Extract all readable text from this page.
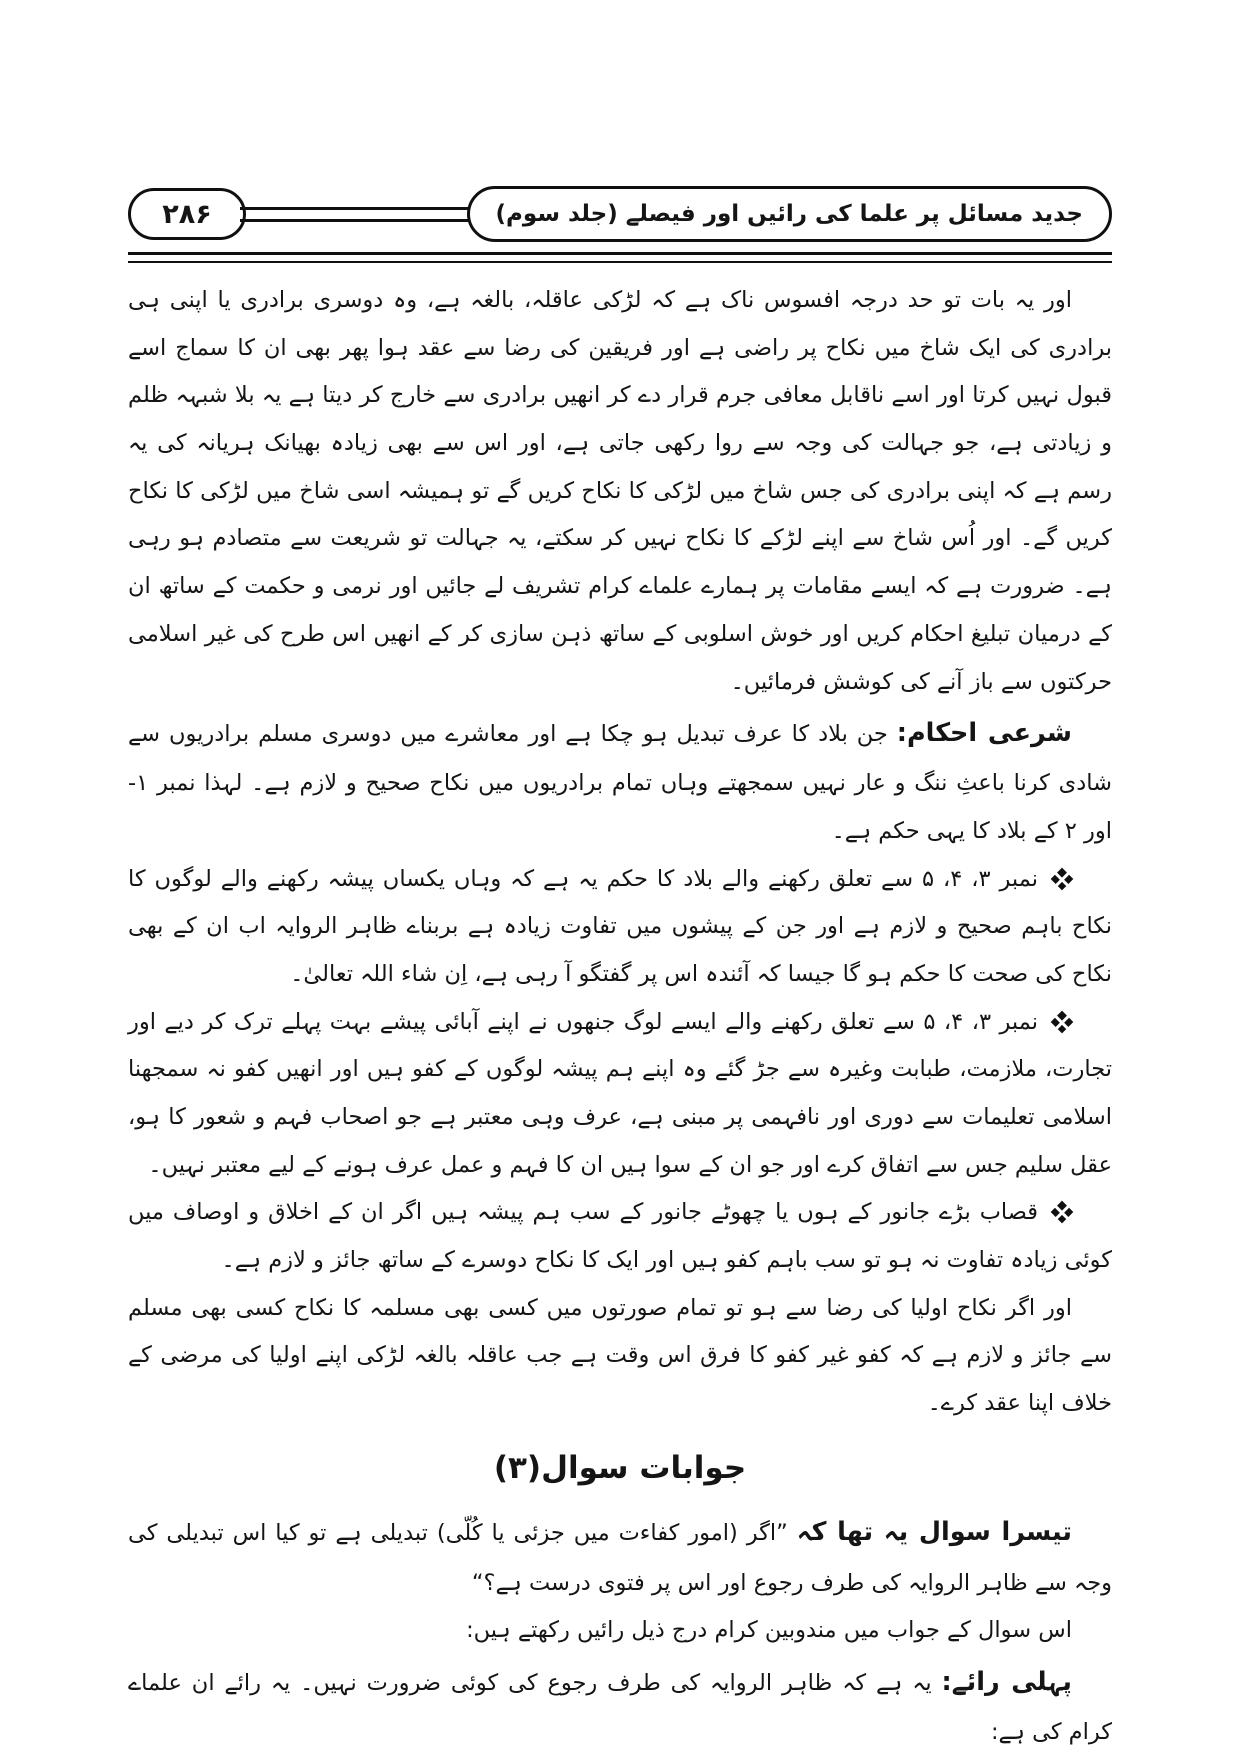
۲۸۶	جدید مسائل پر علما کی رائیں اور فیصلے (جلد سوم)

اور یہ بات تو حد درجہ افسوس ناک ہے کہ لڑکی عاقلہ، بالغہ ہے، وہ دوسری برادری یا اپنی ہی برادری کی ایک شاخ میں نکاح پر راضی ہے اور فریقین کی رضا سے عقد ہوا پھر بھی ان کا سماج اسے قبول نہیں کرتا اور اسے ناقابل معافی جرم قرار دے کر انھیں برادری سے خارج کر دیتا ہے یہ بلا شبہہ ظلم و زیادتی ہے، جو جہالت کی وجہ سے روا رکھی جاتی ہے، اور اس سے بھی زیادہ بھیانک ہریانہ کی یہ رسم ہے کہ اپنی برادری کی جس شاخ میں لڑکی کا نکاح کریں گے تو ہمیشہ اسی شاخ میں لڑکی کا نکاح کریں گے۔ اور اُس شاخ سے اپنے لڑکے کا نکاح نہیں کر سکتے، یہ جہالت تو شریعت سے متصادم ہو رہی ہے۔ ضرورت ہے کہ ایسے مقامات پر ہمارے علماے کرام تشریف لے جائیں اور نرمی و حکمت کے ساتھ ان کے درمیان تبلیغ احکام کریں اور خوش اسلوبی کے ساتھ ذہن سازی کر کے انھیں اس طرح کی غیر اسلامی حرکتوں سے باز آنے کی کوشش فرمائیں۔

شرعی احکام: جن بلاد کا عرف تبدیل ہو چکا ہے اور معاشرے میں دوسری مسلم برادریوں سے شادی کرنا باعثِ ننگ و عار نہیں سمجھتے وہاں تمام برادریوں میں نکاح صحیح و لازم ہے۔ لہذا نمبر ۱- اور ۲ کے بلاد کا یہی حکم ہے۔

نمبر ۳، ۴، ۵ سے تعلق رکھنے والے بلاد کا حکم یہ ہے کہ وہاں یکساں پیشہ رکھنے والے لوگوں کا نکاح باہم صحیح و لازم ہے اور جن کے پیشوں میں تفاوت زیادہ ہے بربناے ظاہر الروایہ اب ان کے بھی نکاح کی صحت کا حکم ہو گا جیسا کہ آئندہ اس پر گفتگو آ رہی ہے، اِن شاء اللہ تعالیٰ۔

نمبر ۳، ۴، ۵ سے تعلق رکھنے والے ایسے لوگ جنھوں نے اپنے آبائی پیشے بہت پہلے ترک کر دیے اور تجارت، ملازمت، طبابت وغیرہ سے جڑ گئے وہ اپنے ہم پیشہ لوگوں کے کفو ہیں اور انھیں کفو نہ سمجھنا اسلامی تعلیمات سے دوری اور نافہمی پر مبنی ہے، عرف وہی معتبر ہے جو اصحاب فہم و شعور کا ہو، عقل سلیم جس سے اتفاق کرے اور جو ان کے سوا ہیں ان کا فہم و عمل عرف ہونے کے لیے معتبر نہیں۔

قصاب بڑے جانور کے ہوں یا چھوٹے جانور کے سب ہم پیشہ ہیں اگر ان کے اخلاق و اوصاف میں کوئی زیادہ تفاوت نہ ہو تو سب باہم کفو ہیں اور ایک کا نکاح دوسرے کے ساتھ جائز و لازم ہے۔

اور اگر نکاح اولیا کی رضا سے ہو تو تمام صورتوں میں کسی بھی مسلمہ کا نکاح کسی بھی مسلم سے جائز و لازم ہے کہ کفو غیر کفو کا فرق اس وقت ہے جب عاقلہ بالغہ لڑکی اپنے اولیا کی مرضی کے خلاف اپنا عقد کرے۔

جوابات سوال(۳)

تیسرا سوال یہ تھا کہ ”اگر (امور کفاءت میں جزئی یا کُلّی) تبدیلی ہے تو کیا اس تبدیلی کی وجہ سے ظاہر الروایہ کی طرف رجوع اور اس پر فتوی درست ہے؟“

اس سوال کے جواب میں مندوبین کرام درج ذیل رائیں رکھتے ہیں:

پہلی رائے: یہ ہے کہ ظاہر الروایہ کی طرف رجوع کی کوئی ضرورت نہیں۔ یہ رائے ان علماے کرام کی ہے:
